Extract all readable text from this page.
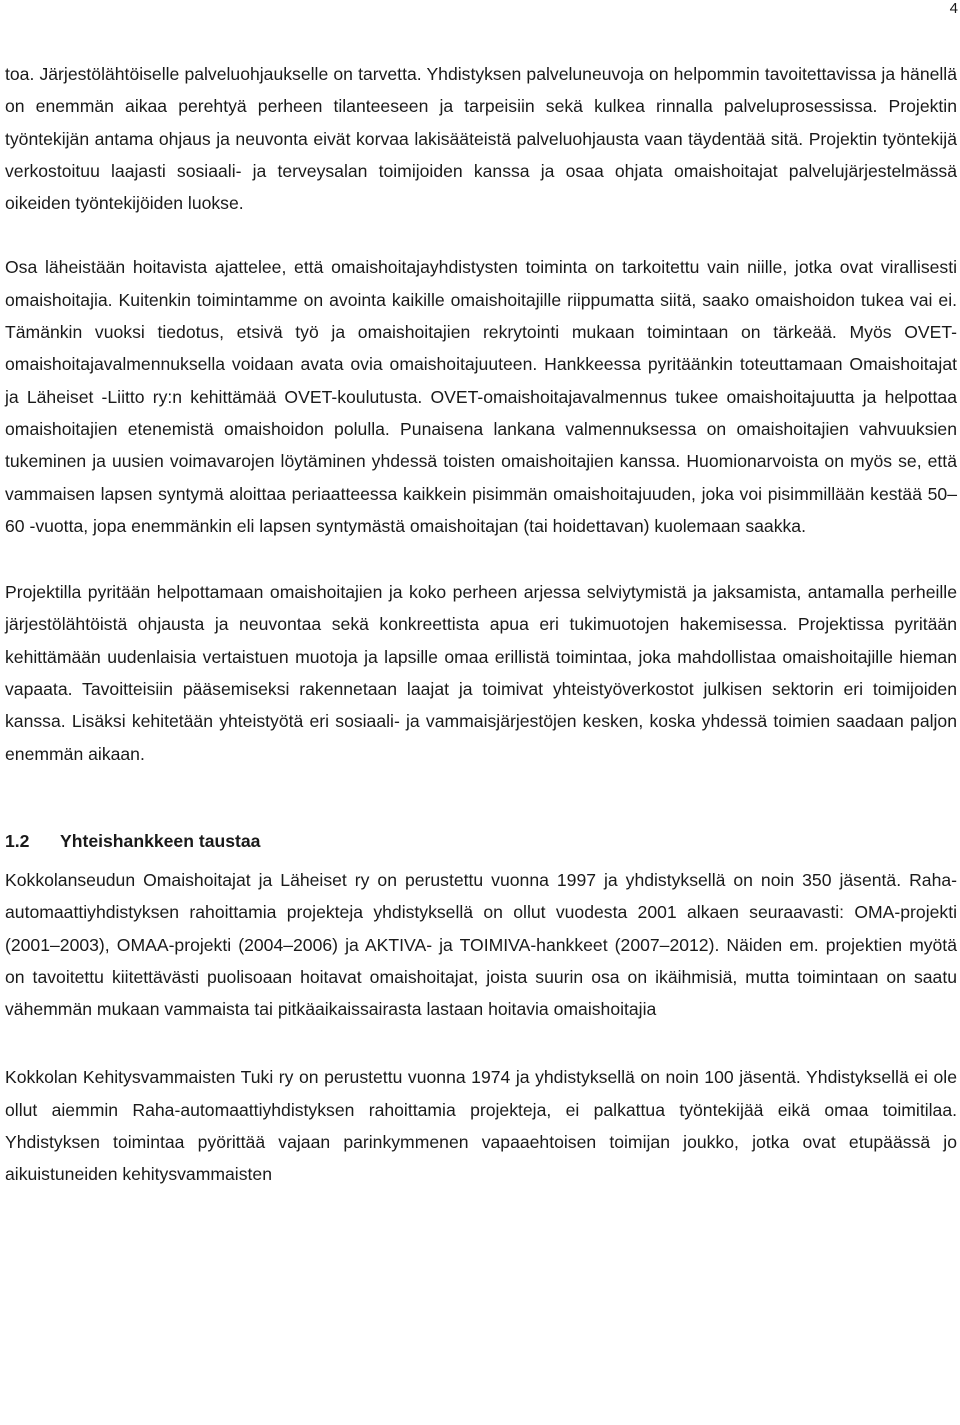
4

toa. Järjestölähtöiselle palveluohjaukselle on tarvetta. Yhdistyksen palveluneuvoja on helpommin tavoitettavissa ja hänellä on enemmän aikaa perehtyä perheen tilanteeseen ja tarpeisiin sekä kulkea rinnalla palveluprosessissa. Projektin työntekijän antama ohjaus ja neuvonta eivät korvaa lakisääteistä palveluohjausta vaan täydentää sitä. Projektin työntekijä verkostoituu laajasti sosiaali- ja terveysalan toimijoiden kanssa ja osaa ohjata omaishoitajat palvelujärjestelmässä oikeiden työntekijöiden luokse.

Osa läheistään hoitavista ajattelee, että omaishoitajayhdistysten toiminta on tarkoitettu vain niille, jotka ovat virallisesti omaishoitajia. Kuitenkin toimintamme on avointa kaikille omaishoitajille riippumatta siitä, saako omaishoidon tukea vai ei. Tämänkin vuoksi tiedotus, etsivä työ ja omaishoitajien rekrytointi mukaan toimintaan on tärkeää. Myös OVET-omaishoitajavalmennuksella voidaan avata ovia omaishoitajuuteen. Hankkeessa pyritäänkin toteuttamaan Omaishoitajat ja Läheiset -Liitto ry:n kehittämää OVET-koulutusta. OVET-omaishoitajavalmennus tukee omaishoitajuutta ja helpottaa omaishoitajien etenemistä omaishoidon polulla. Punaisena lankana valmennuksessa on omaishoitajien vahvuuksien tukeminen ja uusien voimavarojen löytäminen yhdessä toisten omaishoitajien kanssa. Huomionarvoista on myös se, että vammaisen lapsen syntymä aloittaa periaatteessa kaikkein pisimmän omaishoitajuuden, joka voi pisimmillään kestää 50–60 -vuotta, jopa enemmänkin eli lapsen syntymästä omaishoitajan (tai hoidettavan) kuolemaan saakka.

Projektilla pyritään helpottamaan omaishoitajien ja koko perheen arjessa selviytymistä ja jaksamista, antamalla perheille järjestölähtöistä ohjausta ja neuvontaa sekä konkreettista apua eri tukimuotojen hakemisessa. Projektissa pyritään kehittämään uudenlaisia vertaistuen muotoja ja lapsille omaa erillistä toimintaa, joka mahdollistaa omaishoitajille hieman vapaata. Tavoitteisiin pääsemiseksi rakennetaan laajat ja toimivat yhteistyöverkostot julkisen sektorin eri toimijoiden kanssa. Lisäksi kehitetään yhteistyötä eri sosiaali- ja vammaisjärjestöjen kesken, koska yhdessä toimien saadaan paljon enemmän aikaan.

1.2 Yhteishankkeen taustaa

Kokkolanseudun Omaishoitajat ja Läheiset ry on perustettu vuonna 1997 ja yhdistyksellä on noin 350 jäsentä. Raha-automaattiyhdistyksen rahoittamia projekteja yhdistyksellä on ollut vuodesta 2001 alkaen seuraavasti: OMA-projekti (2001–2003), OMAA-projekti (2004–2006) ja AKTIVA- ja TOIMIVA-hankkeet (2007–2012). Näiden em. projektien myötä on tavoitettu kiitettävästi puolisoaan hoitavat omaishoitajat, joista suurin osa on ikäihmisiä, mutta toimintaan on saatu vähemmän mukaan vammaista tai pitkäaikaissairasta lastaan hoitavia omaishoitajia

Kokkolan Kehitysvammaisten Tuki ry on perustettu vuonna 1974 ja yhdistyksellä on noin 100 jäsentä. Yhdistyksellä ei ole ollut aiemmin Raha-automaattiyhdistyksen rahoittamia projekteja, ei palkattua työntekijää eikä omaa toimitilaa. Yhdistyksen toimintaa pyörittää vajaan parinkymmenen vapaaehtoisen toimijan joukko, jotka ovat etupäässä jo aikuistuneiden kehitysvammaisten
